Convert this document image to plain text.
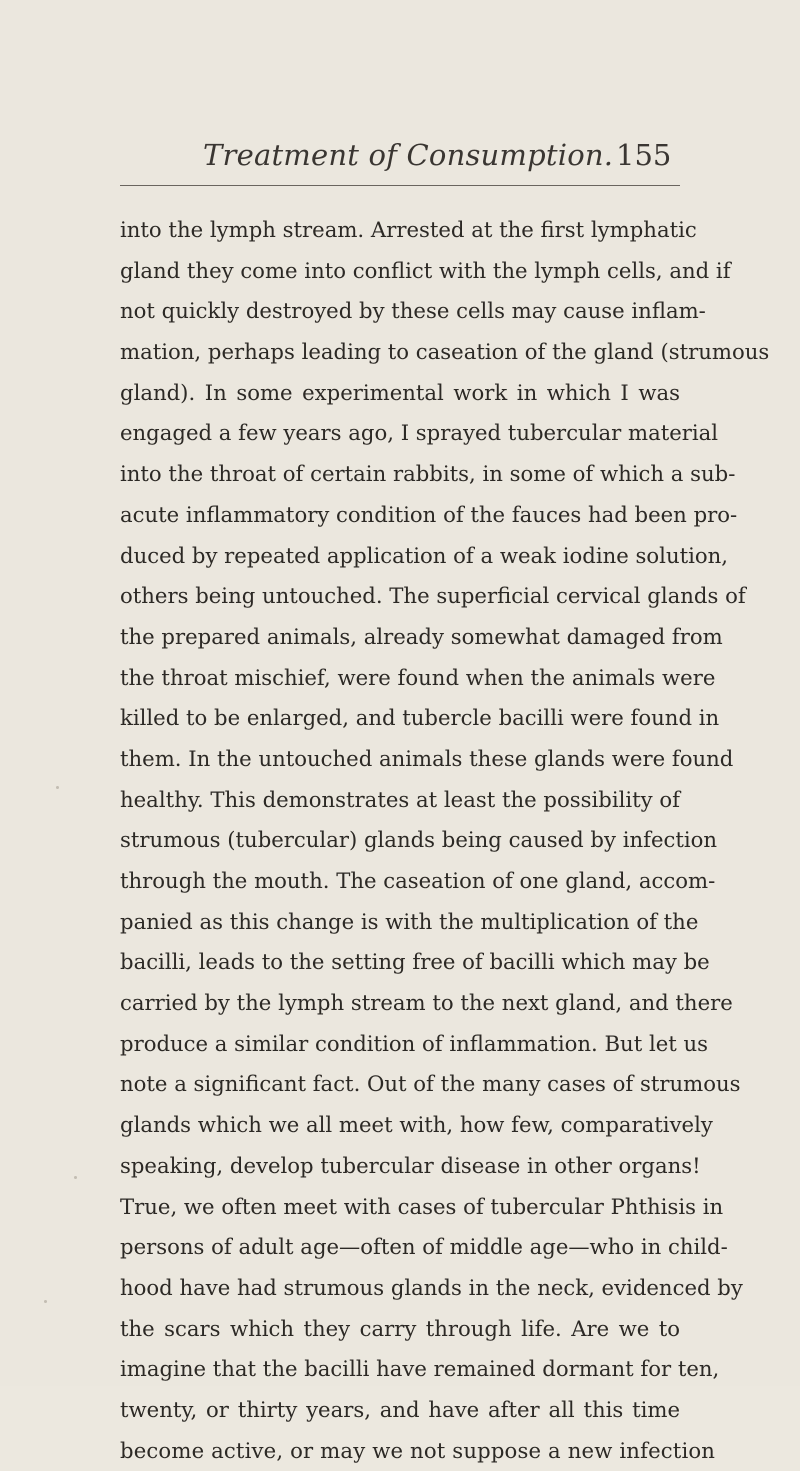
Treatment of Consumption. 155
into the lymph stream. Arrested at the first lymphatic
gland they come into conflict with the lymph cells, and if
not quickly destroyed by these cells may cause inflam-
mation, perhaps leading to caseation of the gland (strumous
gland). In some experimental work in which I was
engaged a few years ago, I sprayed tubercular material
into the throat of certain rabbits, in some of which a sub-
acute inflammatory condition of the fauces had been pro-
duced by repeated application of a weak iodine solution,
others being untouched. The superficial cervical glands of
the prepared animals, already somewhat damaged from
the throat mischief, were found when the animals were
killed to be enlarged, and tubercle bacilli were found in
them. In the untouched animals these glands were found
healthy. This demonstrates at least the possibility of
strumous (tubercular) glands being caused by infection
through the mouth. The caseation of one gland, accom-
panied as this change is with the multiplication of the
bacilli, leads to the setting free of bacilli which may be
carried by the lymph stream to the next gland, and there
produce a similar condition of inflammation. But let us
note a significant fact. Out of the many cases of strumous
glands which we all meet with, how few, comparatively
speaking, develop tubercular disease in other organs!
True, we often meet with cases of tubercular Phthisis in
persons of adult age—often of middle age—who in child-
hood have had strumous glands in the neck, evidenced by
the scars which they carry through life. Are we to
imagine that the bacilli have remained dormant for ten,
twenty, or thirty years, and have after all this time
become active, or may we not suppose a new infection
